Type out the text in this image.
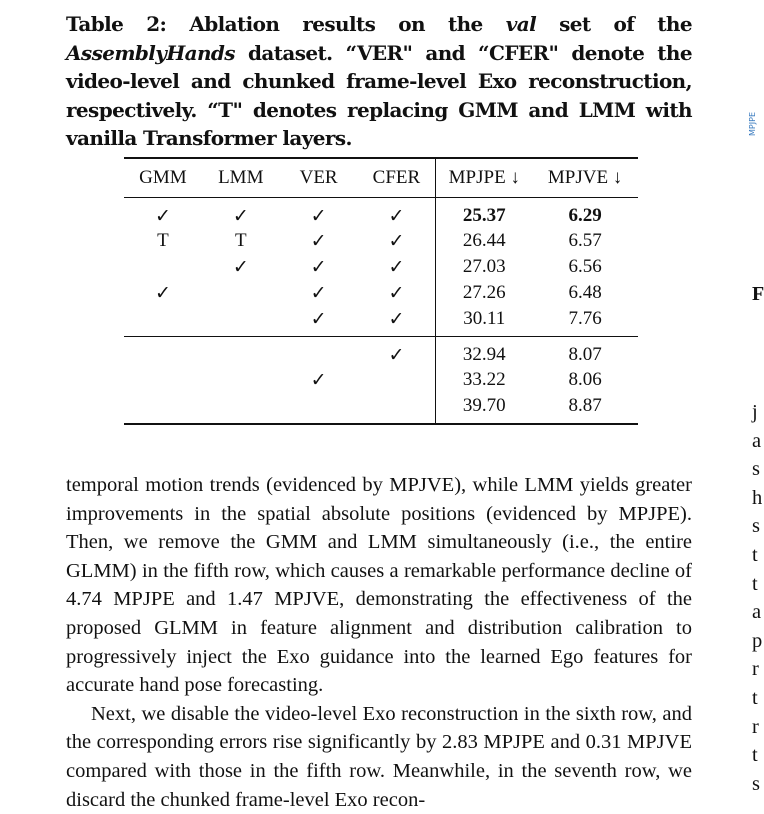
Table 2: Ablation results on the val set of the AssemblyHands dataset. “VER" and “CFER" denote the video-level and chunked frame-level Exo reconstruction, respectively. “T" denotes replacing GMM and LMM with vanilla Transformer layers.
GMM	LMM	VER	CFER	MPJPE ↓	MPJVE ↓
✓	✓	✓	✓	25.37	6.29
T	T	✓	✓	26.44	6.57
	✓	✓	✓	27.03	6.56
✓		✓	✓	27.26	6.48
		✓	✓	30.11	7.76
			✓	32.94	8.07
		✓		33.22	8.06
				39.70	8.87

temporal motion trends (evidenced by MPJVE), while LMM yields greater improvements in the spatial absolute positions (evidenced by MPJPE). Then, we remove the GMM and LMM simultaneously (i.e., the entire GLMM) in the fifth row, which causes a remarkable performance decline of 4.74 MPJPE and 1.47 MPJVE, demonstrating the effectiveness of the proposed GLMM in feature alignment and distribution calibration to progressively inject the Exo guidance into the learned Ego features for accurate hand pose forecasting.

Next, we disable the video-level Exo reconstruction in the sixth row, and the corresponding errors rise significantly by 2.83 MPJPE and 0.31 MPJVE compared with those in the fifth row. Meanwhile, in the seventh row, we discard the chunked frame-level Exo recon-

MPJPE
F
j
a
s
h
s
t
t
a
p
r
t
r
t
s
